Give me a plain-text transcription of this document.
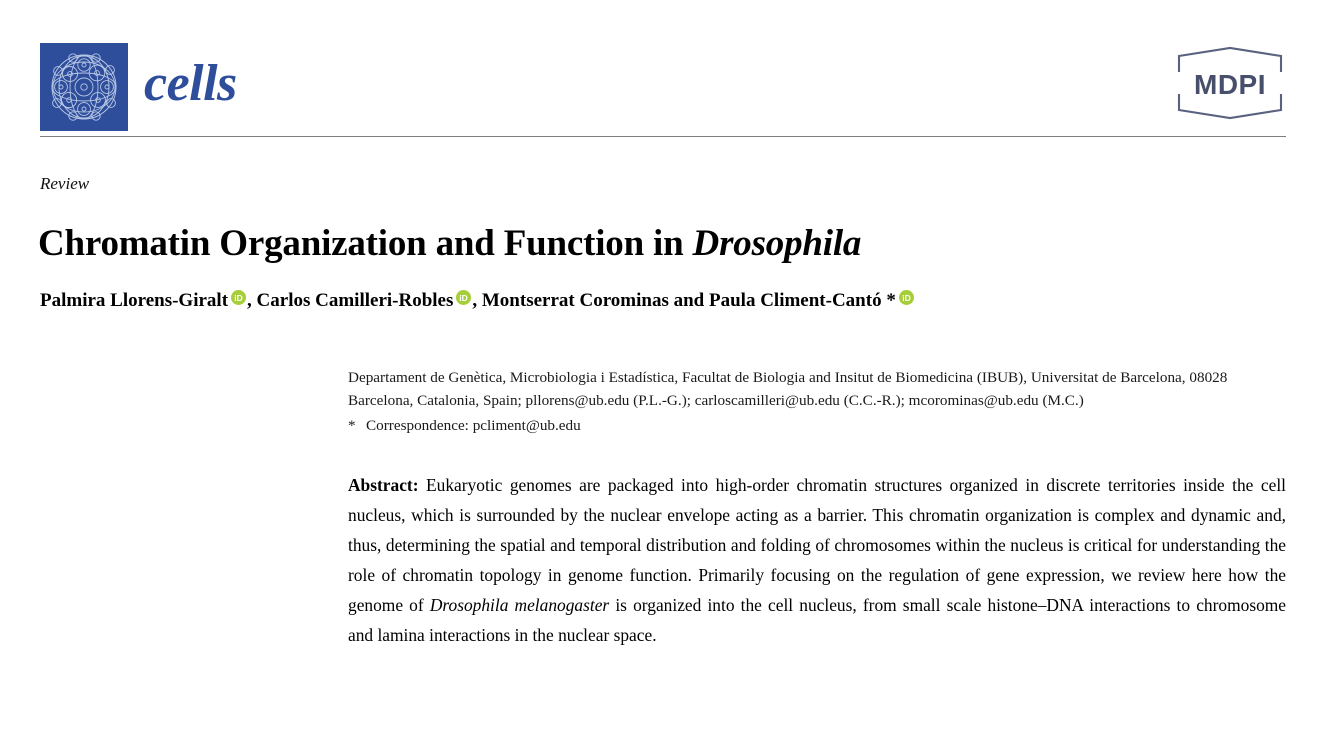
cells	MDPI
Review
Chromatin Organization and Function in Drosophila
Palmira Llorens-Giralt iD , Carlos Camilleri-Robles iD , Montserrat Corominas and Paula Climent-Cantó * iD
Departament de Genètica, Microbiologia i Estadística, Facultat de Biologia and Insitut de Biomedicina (IBUB), Universitat de Barcelona, 08028 Barcelona, Catalonia, Spain; pllorens@ub.edu (P.L.-G.); carloscamilleri@ub.edu (C.C.-R.); mcorominas@ub.edu (M.C.)
* Correspondence: pcliment@ub.edu

Abstract: Eukaryotic genomes are packaged into high-order chromatin structures organized in discrete territories inside the cell nucleus, which is surrounded by the nuclear envelope acting as a barrier. This chromatin organization is complex and dynamic and, thus, determining the spatial and temporal distribution and folding of chromosomes within the nucleus is critical for understanding the role of chromatin topology in genome function. Primarily focusing on the regulation of gene expression, we review here how the genome of Drosophila melanogaster is organized into the cell nucleus, from small scale histone–DNA interactions to chromosome and lamina interactions in the nuclear space.
